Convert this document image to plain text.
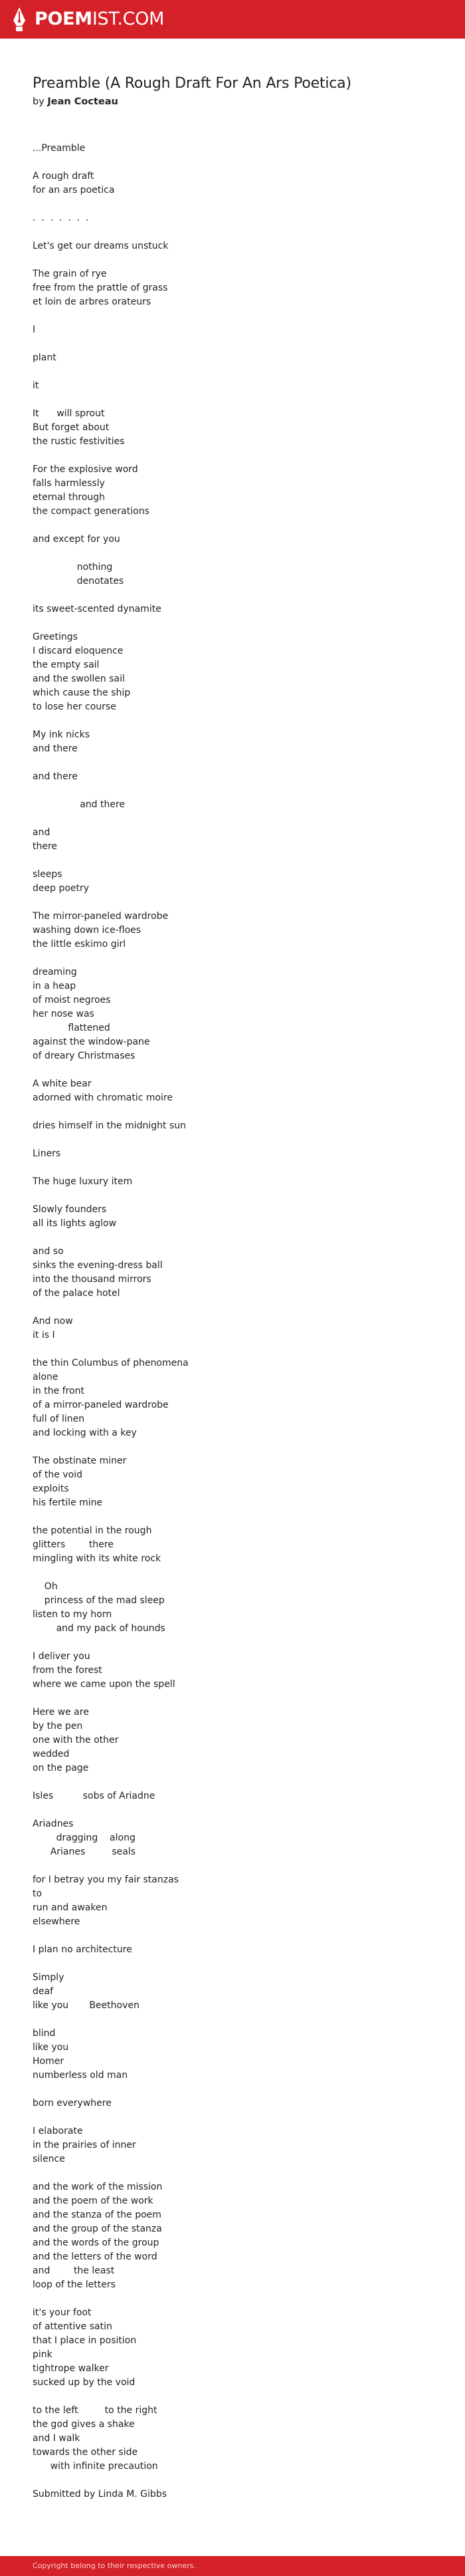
POEMIST.COM
Preamble (A Rough Draft For An Ars Poetica)
by Jean Cocteau
...Preamble

A rough draft
for an ars poetica

.  .  .  .  .  .  .

Let's get our dreams unstuck

The grain of rye
free from the prattle of grass
et loin de arbres orateurs

I

plant

it

It      will sprout
But forget about
the rustic festivities

For the explosive word
falls harmlessly
eternal through
the compact generations

and except for you

nothing
denotates

its sweet-scented dynamite

Greetings
I discard eloquence
the empty sail
and the swollen sail
which cause the ship
to lose her course

My ink nicks
and there

and there

and there

and
there

sleeps
deep poetry

The mirror-paneled wardrobe
washing down ice-floes
the little eskimo girl

dreaming
in a heap
of moist negroes
her nose was
flattened
against the window-pane
of dreary Christmases

A white bear
adorned with chromatic moire

dries himself in the midnight sun

Liners

The huge luxury item

Slowly founders
all its lights aglow

and so
sinks the evening-dress ball
into the thousand mirrors
of the palace hotel

And now
it is I

the thin Columbus of phenomena
alone
in the front
of a mirror-paneled wardrobe
full of linen
and locking with a key

The obstinate miner
of the void
exploits
his fertile mine

the potential in the rough
glitters        there
mingling with its white rock

Oh
princess of the mad sleep
listen to my horn
and my pack of hounds

I deliver you
from the forest
where we came upon the spell

Here we are
by the pen
one with the other
wedded
on the page

Isles          sobs of Ariadne

Ariadnes
dragging    along
Arianes         seals

for I betray you my fair stanzas
to
run and awaken
elsewhere

I plan no architecture

Simply
deaf
like you       Beethoven

blind
like you
Homer
numberless old man

born everywhere

I elaborate
in the prairies of inner
silence

and the work of the mission
and the poem of the work
and the stanza of the poem
and the group of the stanza
and the words of the group
and the letters of the word
and        the least
loop of the letters

it's your foot
of attentive satin
that I place in position
pink
tightrope walker
sucked up by the void

to the left         to the right
the god gives a shake
and I walk
towards the other side
with infinite precaution

Submitted by Linda M. Gibbs
Copyright belong to their respective owners.
